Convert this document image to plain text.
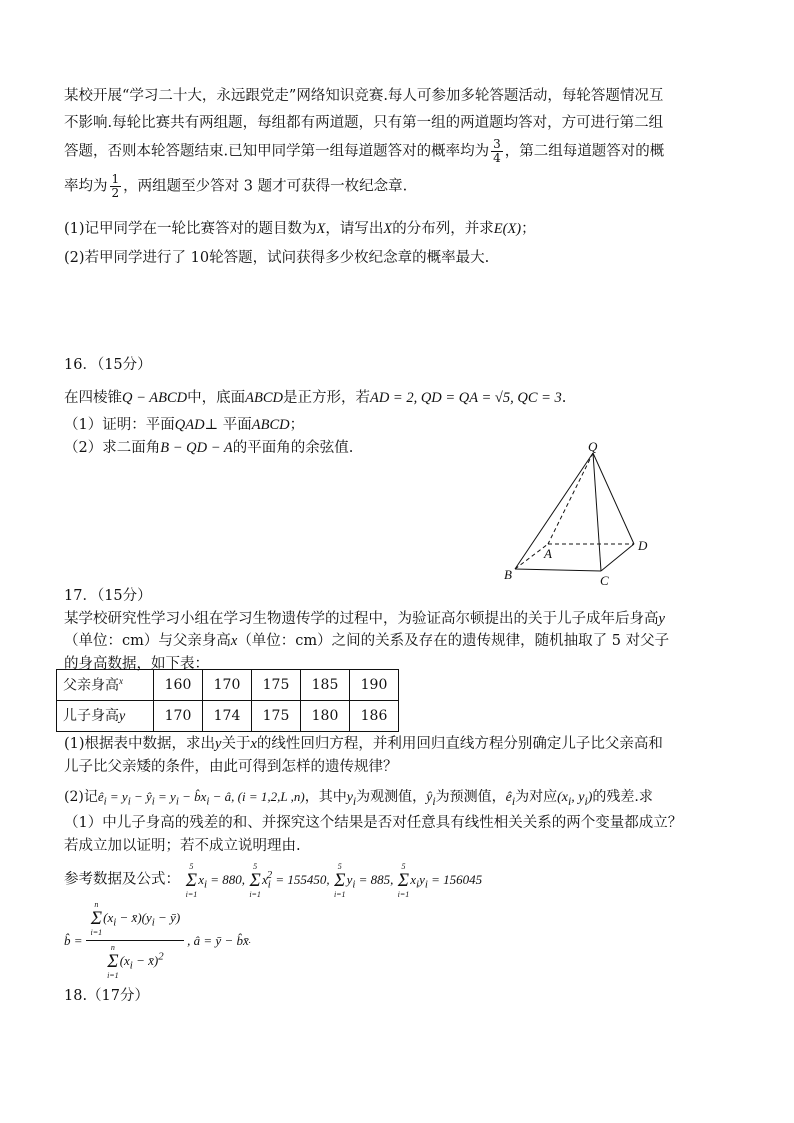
某校开展“学习二十大，永远跟党走”网络知识竞赛.每人可参加多轮答题活动，每轮答题情况互
不影响.每轮比赛共有两组题，每组都有两道题，只有第一组的两道题均答对，方可进行第二组
答题，否则本轮答题结束.已知甲同学第一组每道题答对的概率均为 $\frac{3}{4}$ ，第二组每道题答对的概
率均为 $\frac{1}{2}$ ，两组题至少答对 3 题才可获得一枚纪念章.
(1)记甲同学在一轮比赛答对的题目数为X，请写出X的分布列，并求E(X)；
(2)若甲同学进行了 10轮答题，试问获得多少枚纪念章的概率最大.
16．（15分）
在四棱锥Q − ABCD中，底面ABCD是正方形，若AD = 2, QD = QA = √5, QC = 3.
（1）证明：平面QAD⊥ 平面ABCD；
（2）求二面角B − QD − A的平面角的余弦值.	Q
A
B	C
D
17．（15分）
某学校研究性学习小组在学习生物遗传学的过程中，为验证高尔顿提出的关于儿子成年后身高y
（单位：cm）与父亲身高x（单位：cm）之间的关系及存在的遗传规律，随机抽取了 5 对父子
的身高数据，如下表：
父亲身高$^x$	160	170	175	185	190
儿子身高y	170	174	175	180	186
(1)根据表中数据，求出y关于x的线性回归方程，并利用回归直线方程分别确定儿子比父亲高和
儿子比父亲矮的条件，由此可得到怎样的遗传规律？
(2)记$ê_i = y_i$ − $ŷ_i = y_i$ − $b̂x_i$ − â, (i = 1,2,L ,n)，其中$y_i$为观测值，$ŷ_i$为预测值，$ê_i$为对应($x_i$, $y_i$)的残差.求
（1）中儿子身高的残差的和、并探究这个结果是否对任意具有线性相关关系的两个变量都成立？
若成立加以证明；若不成立说明理由.
参考数据及公式：
5
Σ
i=1
$x_i = 880$,
5
Σ
i=1
$x_i^2 = 155450$,
5
Σ
i=1
$y_i = 885$,
5
Σ
i=1
$x_iy_i = 156045$
b̂ =
n
Σ
i=1
($x_i$ − $x̄)(y_i$ − ȳ)
n
Σ
i=1
($x_i$ − x̄)$^2$
, â = ȳ − b̂x̄ .
18.（17分）
